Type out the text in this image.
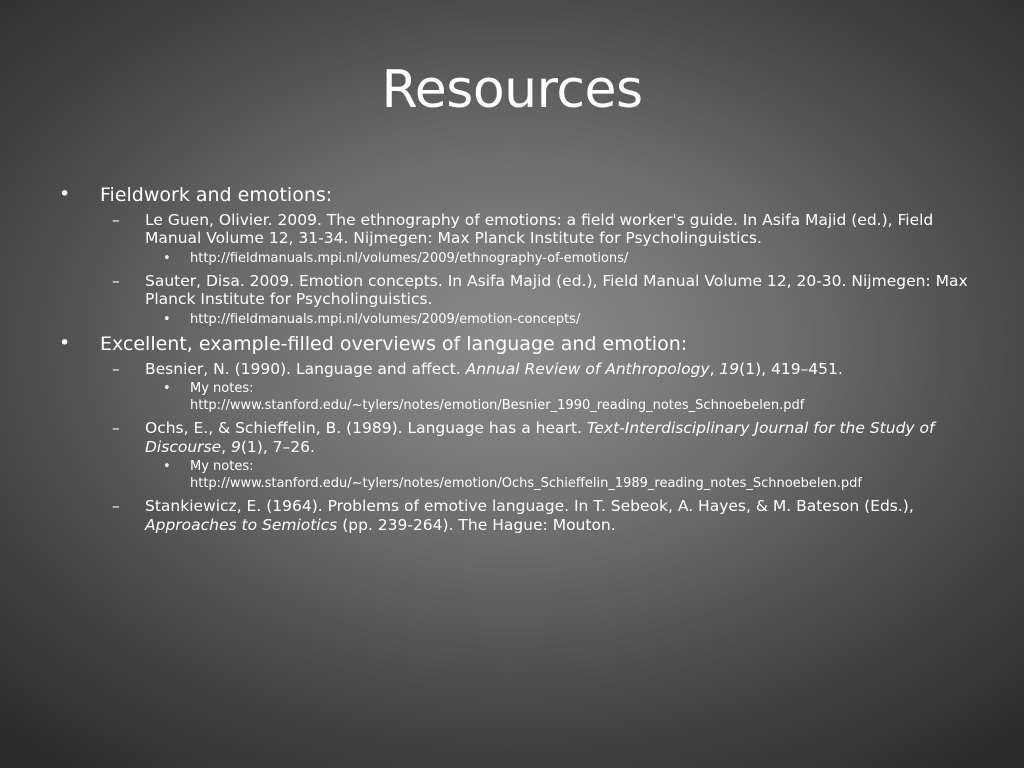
Resources
• Fieldwork and emotions:
– Le Guen, Olivier. 2009. The ethnography of emotions: a field worker's guide. In Asifa Majid (ed.), Field Manual Volume 12, 31-34. Nijmegen: Max Planck Institute for Psycholinguistics.
• http://fieldmanuals.mpi.nl/volumes/2009/ethnography-of-emotions/
– Sauter, Disa. 2009. Emotion concepts. In Asifa Majid (ed.), Field Manual Volume 12, 20-30. Nijmegen: Max Planck Institute for Psycholinguistics.
• http://fieldmanuals.mpi.nl/volumes/2009/emotion-concepts/
• Excellent, example-filled overviews of language and emotion:
– Besnier, N. (1990). Language and affect. Annual Review of Anthropology, 19(1), 419–451.
• My notes:
http://www.stanford.edu/~tylers/notes/emotion/Besnier_1990_reading_notes_Schnoebelen.pdf
– Ochs, E., & Schieffelin, B. (1989). Language has a heart. Text-Interdisciplinary Journal for the Study of Discourse, 9(1), 7–26.
• My notes:
http://www.stanford.edu/~tylers/notes/emotion/Ochs_Schieffelin_1989_reading_notes_Schnoebelen.pdf
– Stankiewicz, E. (1964). Problems of emotive language. In T. Sebeok, A. Hayes, & M. Bateson (Eds.), Approaches to Semiotics (pp. 239-264). The Hague: Mouton.
